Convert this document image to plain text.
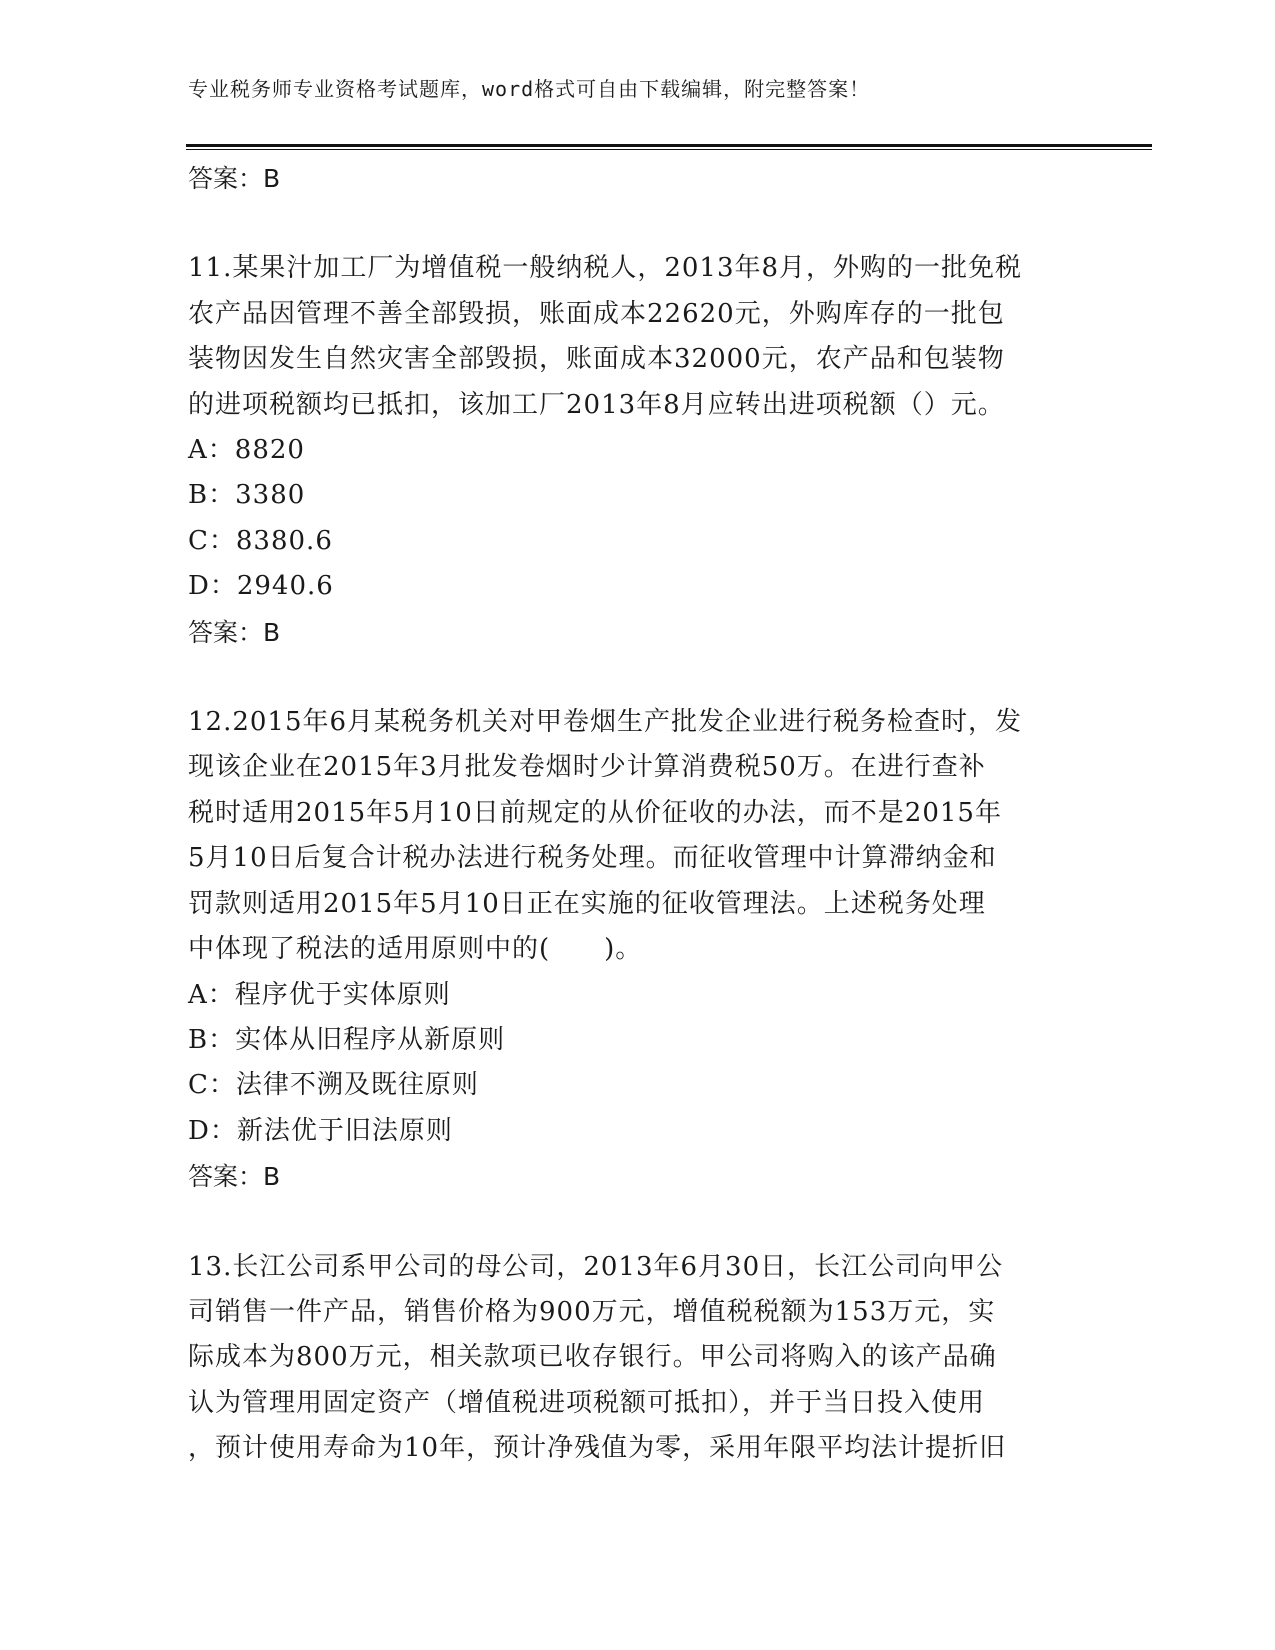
专业税务师专业资格考试题库，word格式可自由下载编辑，附完整答案！
答案：B
11.某果汁加工厂为增值税一般纳税人，2013年8月，外购的一批免税
农产品因管理不善全部毁损，账面成本22620元，外购库存的一批包
装物因发生自然灾害全部毁损，账面成本32000元，农产品和包装物
的进项税额均已抵扣，该加工厂2013年8月应转出进项税额（）元。
A：8820
B：3380
C：8380.6
D：2940.6
答案：B
12.2015年6月某税务机关对甲卷烟生产批发企业进行税务检查时，发
现该企业在2015年3月批发卷烟时少计算消费税50万。在进行查补
税时适用2015年5月10日前规定的从价征收的办法，而不是2015年
5月10日后复合计税办法进行税务处理。而征收管理中计算滞纳金和
罚款则适用2015年5月10日正在实施的征收管理法。上述税务处理
中体现了税法的适用原则中的(　　)。
A：程序优于实体原则
B：实体从旧程序从新原则
C：法律不溯及既往原则
D：新法优于旧法原则
答案：B
13.长江公司系甲公司的母公司，2013年6月30日，长江公司向甲公
司销售一件产品，销售价格为900万元，增值税税额为153万元，实
际成本为800万元，相关款项已收存银行。甲公司将购入的该产品确
认为管理用固定资产（增值税进项税额可抵扣），并于当日投入使用
，预计使用寿命为10年，预计净残值为零，采用年限平均法计提折旧
